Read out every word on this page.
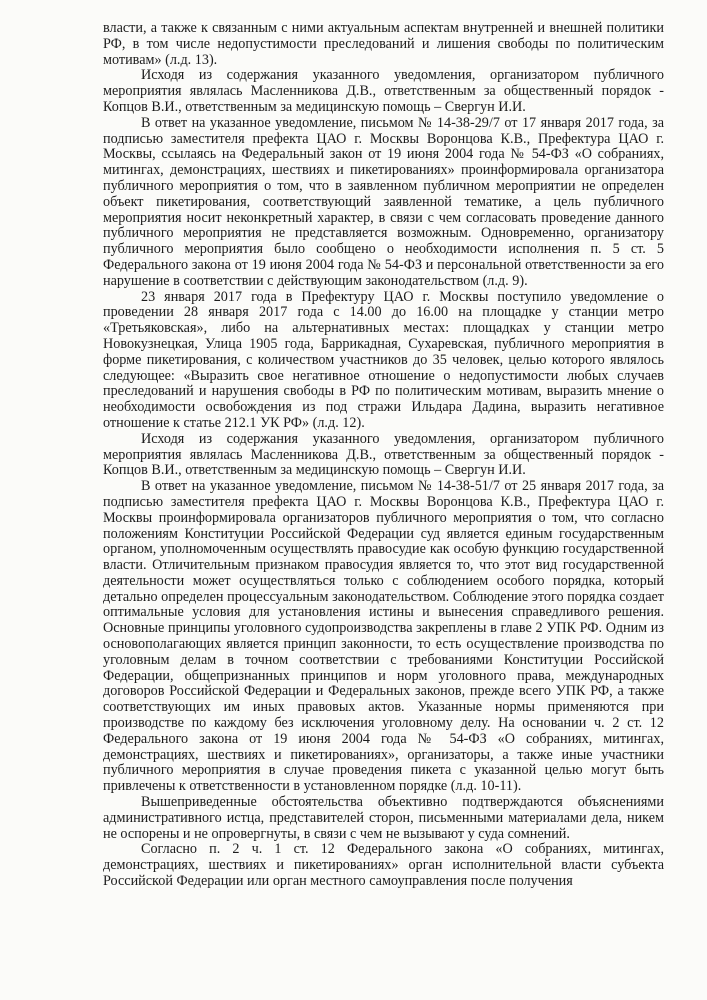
власти, а также к связанным с ними актуальным аспектам внутренней и внешней политики РФ, в том числе недопустимости преследований и лишения свободы по политическим мотивам» (л.д. 13).

Исходя из содержания указанного уведомления, организатором публичного мероприятия являлась Масленникова Д.В., ответственным за общественный порядок - Копцов В.И., ответственным за медицинскую помощь – Свергун И.И.

В ответ на указанное уведомление, письмом № 14-38-29/7 от 17 января 2017 года, за подписью заместителя префекта ЦАО г. Москвы Воронцова К.В., Префектура ЦАО г. Москвы, ссылаясь на Федеральный закон от 19 июня 2004 года № 54-ФЗ «О собраниях, митингах, демонстрациях, шествиях и пикетированиях» проинформировала организатора публичного мероприятия о том, что в заявленном публичном мероприятии не определен объект пикетирования, соответствующий заявленной тематике, а цель публичного мероприятия носит неконкретный характер, в связи с чем согласовать проведение данного публичного мероприятия не представляется возможным. Одновременно, организатору публичного мероприятия было сообщено о необходимости исполнения п. 5 ст. 5 Федерального закона от 19 июня 2004 года № 54-ФЗ и персональной ответственности за его нарушение в соответствии с действующим законодательством (л.д. 9).

23 января 2017 года в Префектуру ЦАО г. Москвы поступило уведомление о проведении 28 января 2017 года с 14.00 до 16.00 на площадке у станции метро «Третьяковская», либо на альтернативных местах: площадках у станции метро Новокузнецкая, Улица 1905 года, Баррикадная, Сухаревская, публичного мероприятия в форме пикетирования, с количеством участников до 35 человек, целью которого являлось следующее: «Выразить свое негативное отношение о недопустимости любых случаев преследований и нарушения свободы в РФ по политическим мотивам, выразить мнение о необходимости освобождения из под стражи Ильдара Дадина, выразить негативное отношение к статье 212.1 УК РФ» (л.д. 12).

Исходя из содержания указанного уведомления, организатором публичного мероприятия являлась Масленникова Д.В., ответственным за общественный порядок - Копцов В.И., ответственным за медицинскую помощь – Свергун И.И.

В ответ на указанное уведомление, письмом № 14-38-51/7 от 25 января 2017 года, за подписью заместителя префекта ЦАО г. Москвы Воронцова К.В., Префектура ЦАО г. Москвы проинформировала организаторов публичного мероприятия о том, что согласно положениям Конституции Российской Федерации суд является единым государственным органом, уполномоченным осуществлять правосудие как особую функцию государственной власти. Отличительным признаком правосудия является то, что этот вид государственной деятельности может осуществляться только с соблюдением особого порядка, который детально определен процессуальным законодательством. Соблюдение этого порядка создает оптимальные условия для установления истины и вынесения справедливого решения. Основные принципы уголовного судопроизводства закреплены в главе 2 УПК РФ. Одним из основополагающих является принцип законности, то есть осуществление производства по уголовным делам в точном соответствии с требованиями Конституции Российской Федерации, общепризнанных принципов и норм уголовного права, международных договоров Российской Федерации и Федеральных законов, прежде всего УПК РФ, а также соответствующих им иных правовых актов. Указанные нормы применяются при производстве по каждому без исключения уголовному делу. На основании ч. 2 ст. 12 Федерального закона от 19 июня 2004 года № 54-ФЗ «О собраниях, митингах, демонстрациях, шествиях и пикетированиях», организаторы, а также иные участники публичного мероприятия в случае проведения пикета с указанной целью могут быть привлечены к ответственности в установленном порядке (л.д. 10-11).

Вышеприведенные обстоятельства объективно подтверждаются объяснениями административного истца, представителей сторон, письменными материалами дела, никем не оспорены и не опровергнуты, в связи с чем не вызывают у суда сомнений.

Согласно п. 2 ч. 1 ст. 12 Федерального закона «О собраниях, митингах, демонстрациях, шествиях и пикетированиях» орган исполнительной власти субъекта Российской Федерации или орган местного самоуправления после получения
